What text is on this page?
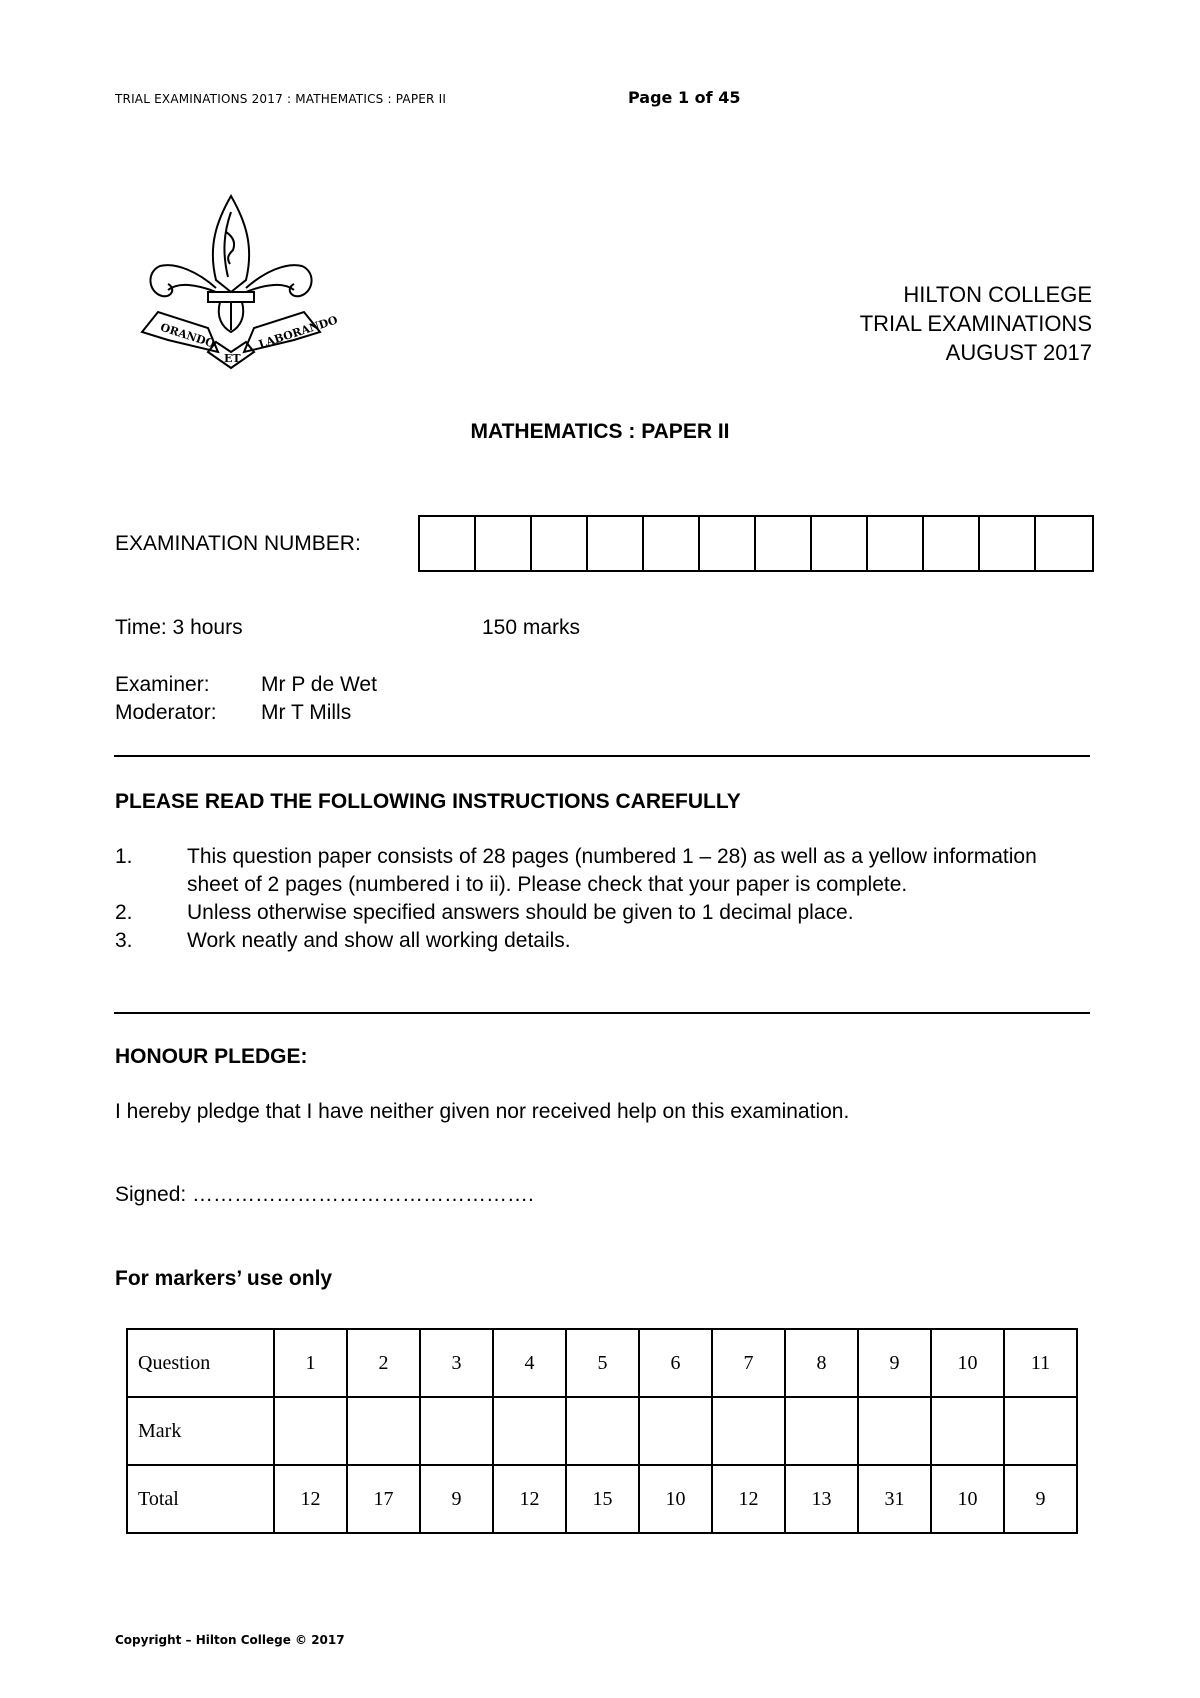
TRIAL EXAMINATIONS 2017 : MATHEMATICS : PAPER II	Page 1 of 45
ORANDO
ET
LABORANDO
HILTON COLLEGE
TRIAL EXAMINATIONS
AUGUST 2017
MATHEMATICS : PAPER II
EXAMINATION NUMBER:
Time: 3 hours	150 marks
Examiner: Mr P de Wet
Moderator: Mr T Mills
PLEASE READ THE FOLLOWING INSTRUCTIONS CAREFULLY
1.	This question paper consists of 28 pages (numbered 1 – 28) as well as a yellow information sheet of 2 pages (numbered i to ii). Please check that your paper is complete.
2.	Unless otherwise specified answers should be given to 1 decimal place.
3.	Work neatly and show all working details.
HONOUR PLEDGE:
I hereby pledge that I have neither given nor received help on this examination.
Signed: ………………………………………….
For markers’ use only
Question	1	2	3	4	5	6	7	8	9	10	11
Mark											
Total	12	17	9	12	15	10	12	13	31	10	9
Copyright – Hilton College © 2017
